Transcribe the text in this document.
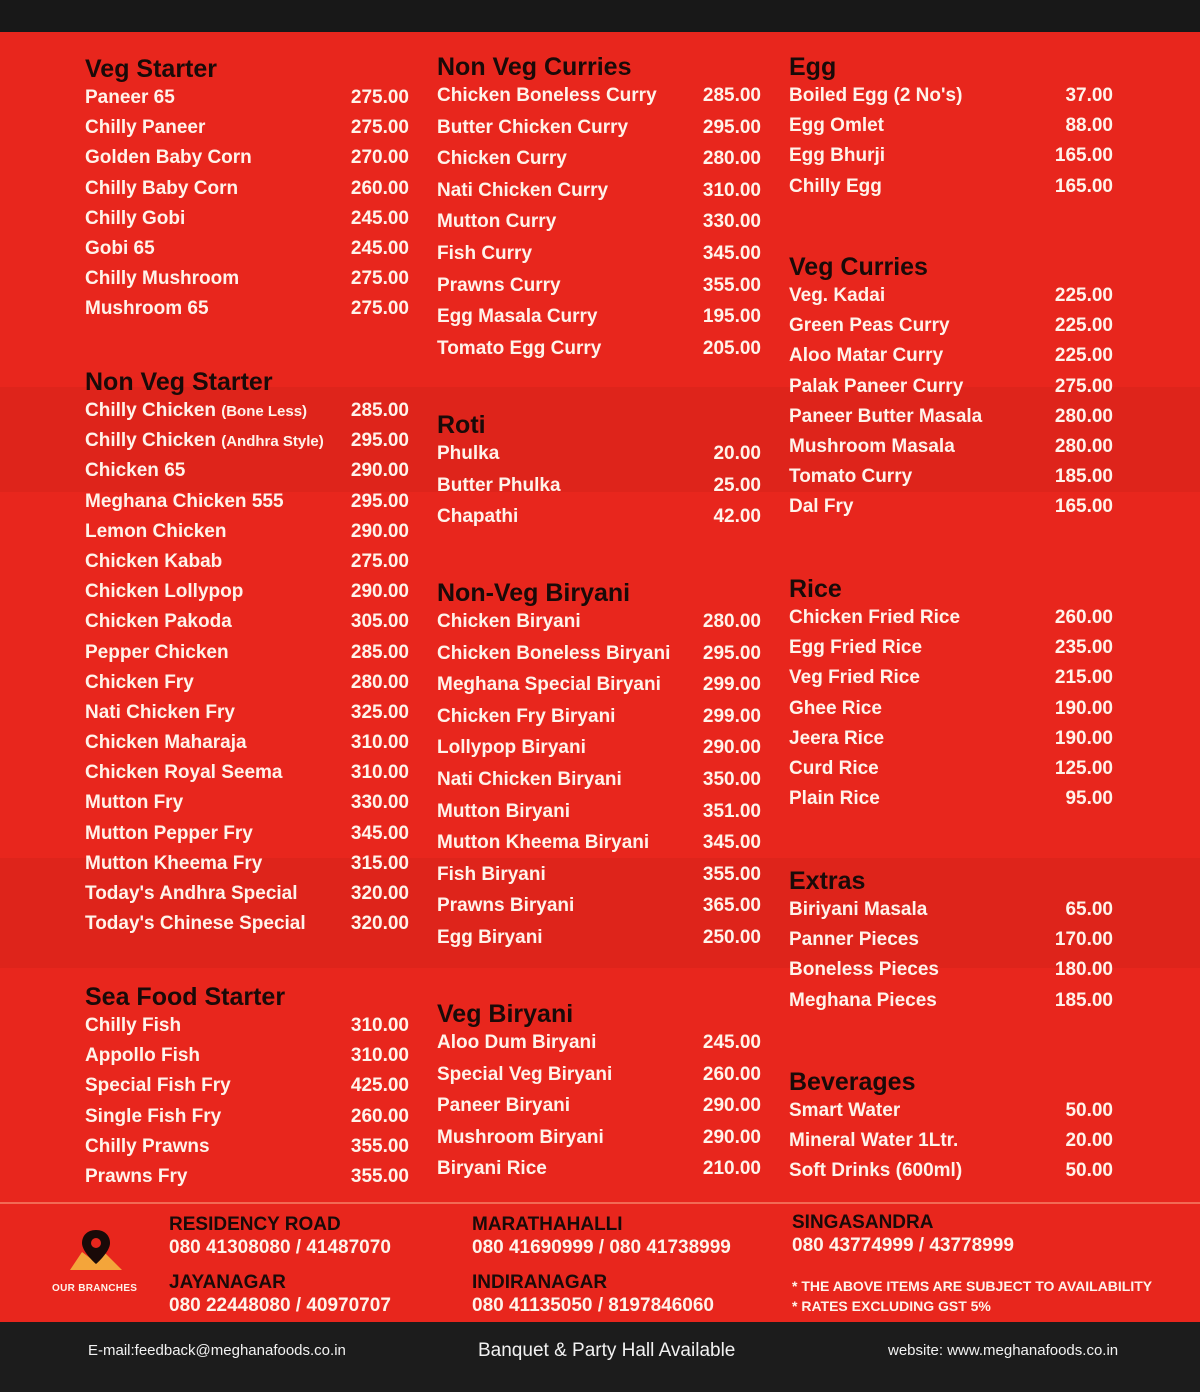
Veg Starter
Paneer 65	275.00
Chilly Paneer	275.00
Golden Baby Corn	270.00
Chilly Baby Corn	260.00
Chilly Gobi	245.00
Gobi 65	245.00
Chilly Mushroom	275.00
Mushroom 65	275.00
Non Veg Starter
Chilly Chicken (Bone Less) 285.00
Chilly Chicken (Andhra Style) 295.00
Chicken 65	290.00
Meghana Chicken 555	295.00
Lemon Chicken	290.00
Chicken Kabab	275.00
Chicken Lollypop	290.00
Chicken Pakoda	305.00
Pepper Chicken	285.00
Chicken Fry	280.00
Nati Chicken Fry	325.00
Chicken Maharaja	310.00
Chicken Royal Seema	310.00
Mutton Fry	330.00
Mutton Pepper Fry	345.00
Mutton Kheema Fry	315.00
Today's Andhra Special	320.00
Today's Chinese Special 320.00
Sea Food Starter
Chilly Fish	310.00
Appollo Fish	310.00
Special Fish Fry	425.00
Single Fish Fry	260.00
Chilly Prawns	355.00
Prawns Fry	355.00
Non Veg Curries
Chicken Boneless Curry 285.00
Butter Chicken Curry	295.00
Chicken Curry	280.00
Nati Chicken Curry	310.00
Mutton Curry	330.00
Fish Curry	345.00
Prawns Curry	355.00
Egg Masala Curry	195.00
Tomato Egg Curry	205.00
Roti
Phulka	20.00
Butter Phulka	25.00
Chapathi	42.00
Non-Veg Biryani
Chicken Biryani	280.00
Chicken Boneless Biryani 295.00
Meghana Special Biryani 299.00
Chicken Fry Biryani	299.00
Lollypop Biryani	290.00
Nati Chicken Biryani	350.00
Mutton Biryani	351.00
Mutton Kheema Biryani	345.00
Fish Biryani	355.00
Prawns Biryani	365.00
Egg Biryani	250.00
Veg Biryani
Aloo Dum Biryani	245.00
Special Veg Biryani	260.00
Paneer Biryani	290.00
Mushroom Biryani	290.00
Biryani Rice	210.00
Egg
Boiled Egg (2 No's)	37.00
Egg Omlet	88.00
Egg Bhurji	165.00
Chilly Egg	165.00
Veg Curries
Veg. Kadai	225.00
Green Peas Curry	225.00
Aloo Matar Curry	225.00
Palak Paneer Curry	275.00
Paneer Butter Masala	280.00
Mushroom Masala	280.00
Tomato Curry	185.00
Dal Fry	165.00
Rice
Chicken Fried Rice	260.00
Egg Fried Rice	235.00
Veg Fried Rice	215.00
Ghee Rice	190.00
Jeera Rice	190.00
Curd Rice	125.00
Plain Rice	95.00
Extras
Biriyani Masala	65.00
Panner Pieces	170.00
Boneless Pieces	180.00
Meghana Pieces	185.00
Beverages
Smart Water	50.00
Mineral Water 1Ltr.	20.00
Soft Drinks (600ml)	50.00
OUR BRANCHES
RESIDENCY ROAD
080 41308080 / 41487070
MARATHAHALLI
080 41690999 / 080 41738999
SINGASANDRA
080 43774999 / 43778999
JAYANAGAR
080 22448080 / 40970707
INDIRANAGAR
080 41135050 / 8197846060
* THE ABOVE ITEMS ARE SUBJECT TO AVAILABILITY
* RATES EXCLUDING GST 5%
E-mail:feedback@meghanafoods.co.in	Banquet & Party Hall Available	website: www.meghanafoods.co.in
